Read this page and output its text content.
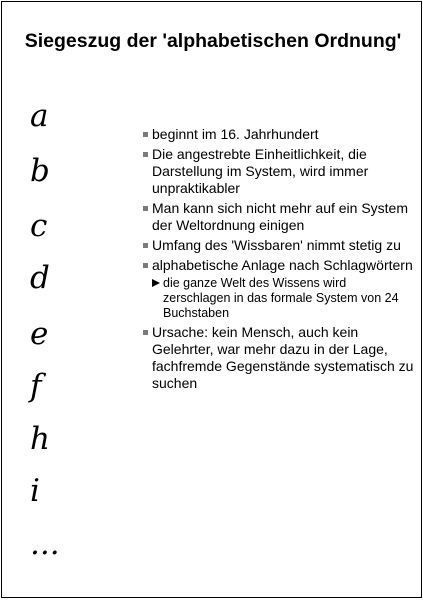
Siegeszug der 'alphabetischen Ordnung'
a
b
c
d
e
f
h
i
...
beginnt im 16. Jahrhundert
Die angestrebte Einheitlichkeit, die Darstellung im System, wird immer unpraktikabler
Man kann sich nicht mehr auf ein System der Weltordnung einigen
Umfang des 'Wissbaren' nimmt stetig zu
alphabetische Anlage nach Schlagwörtern
die ganze Welt des Wissens wird zerschlagen in das formale System von 24 Buchstaben
Ursache: kein Mensch, auch kein Gelehrter, war mehr dazu in der Lage, fachfremde Gegenstände systematisch zu suchen
